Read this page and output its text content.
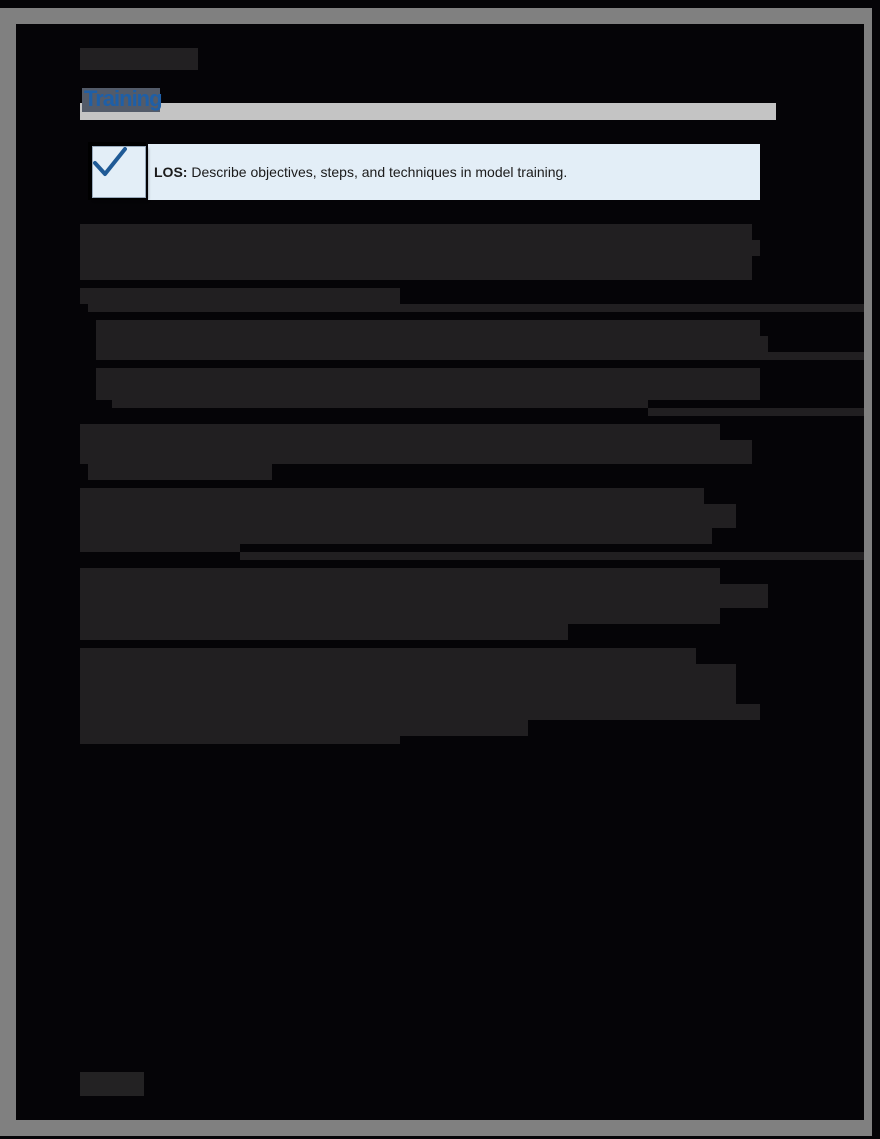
Training
LOS: Describe objectives, steps, and techniques in model training.
